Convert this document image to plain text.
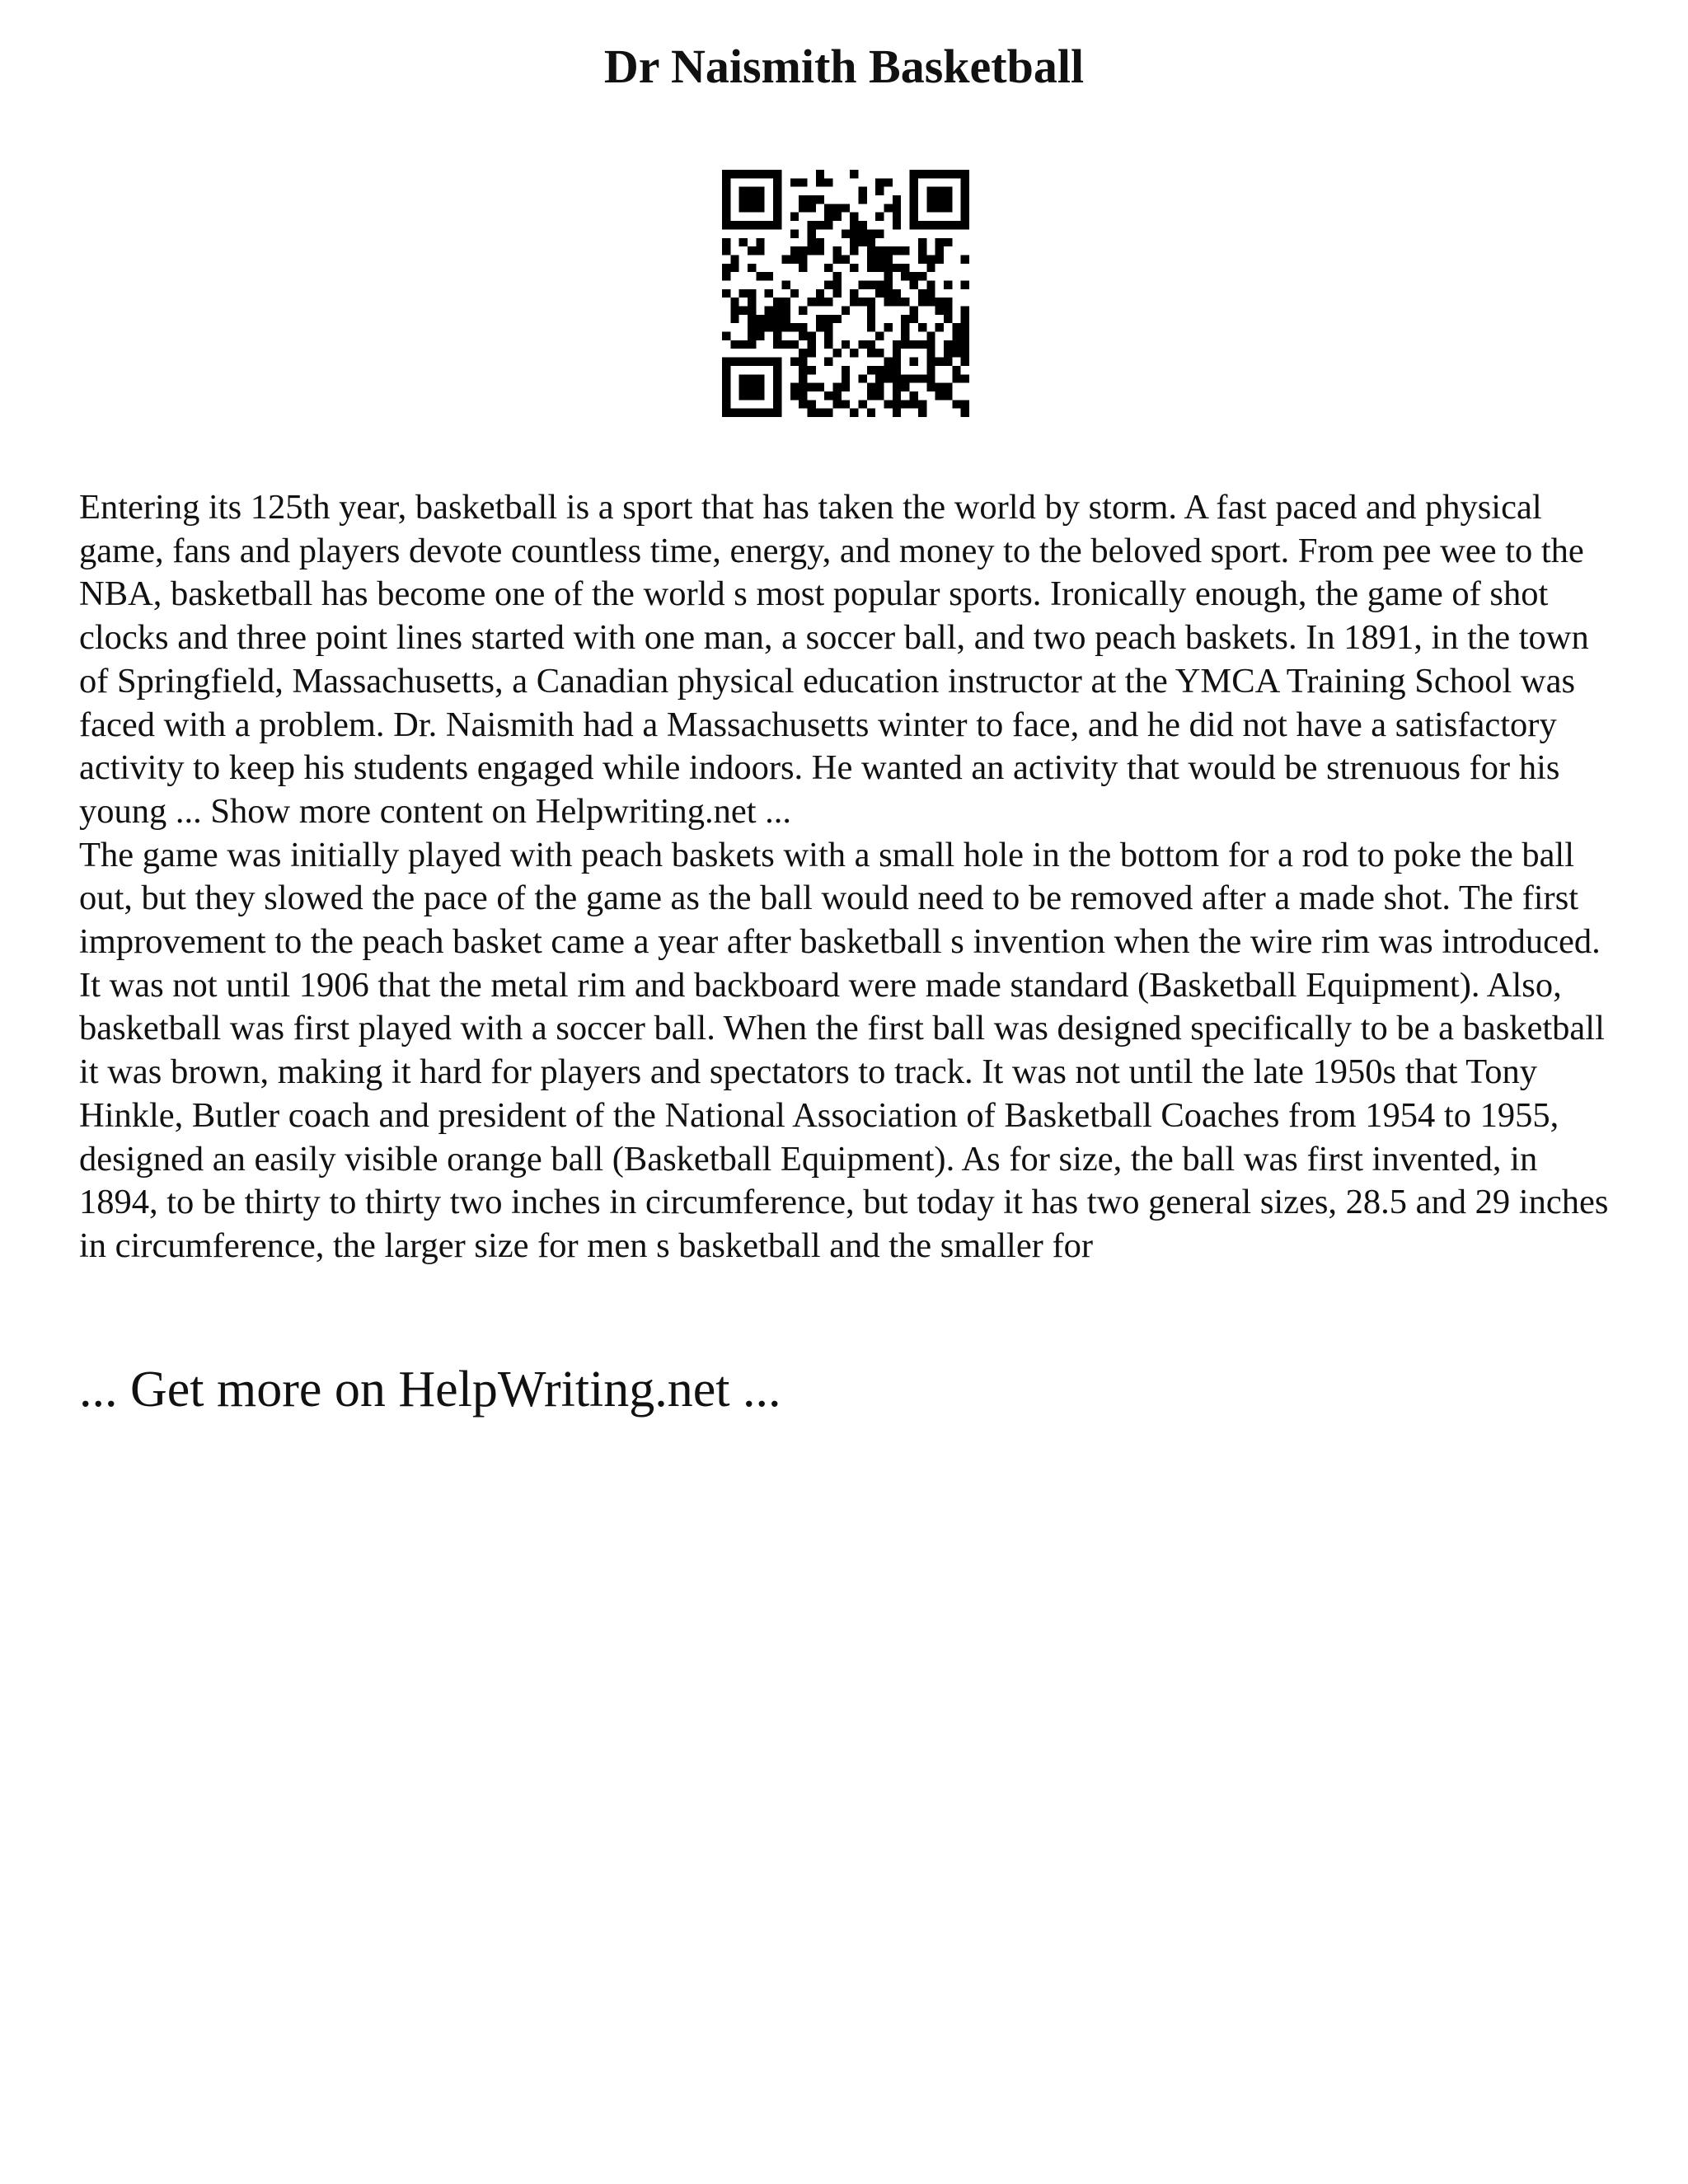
Dr Naismith Basketball

Entering its 125th year, basketball is a sport that has taken the world by storm. A fast paced and physical game, fans and players devote countless time, energy, and money to the beloved sport. From pee wee to the NBA, basketball has become one of the world s most popular sports. Ironically enough, the game of shot clocks and three point lines started with one man, a soccer ball, and two peach baskets. In 1891, in the town of Springfield, Massachusetts, a Canadian physical education instructor at the YMCA Training School was faced with a problem. Dr. Naismith had a Massachusetts winter to face, and he did not have a satisfactory activity to keep his students engaged while indoors. He wanted an activity that would be strenuous for his young ... Show more content on Helpwriting.net ...

The game was initially played with peach baskets with a small hole in the bottom for a rod to poke the ball out, but they slowed the pace of the game as the ball would need to be removed after a made shot. The first improvement to the peach basket came a year after basketball s invention when the wire rim was introduced. It was not until 1906 that the metal rim and backboard were made standard (Basketball Equipment). Also, basketball was first played with a soccer ball. When the first ball was designed specifically to be a basketball it was brown, making it hard for players and spectators to track. It was not until the late 1950s that Tony Hinkle, Butler coach and president of the National Association of Basketball Coaches from 1954 to 1955, designed an easily visible orange ball (Basketball Equipment). As for size, the ball was first invented, in 1894, to be thirty to thirty two inches in circumference, but today it has two general sizes, 28.5 and 29 inches in circumference, the larger size for men s basketball and the smaller for

... Get more on HelpWriting.net ...
